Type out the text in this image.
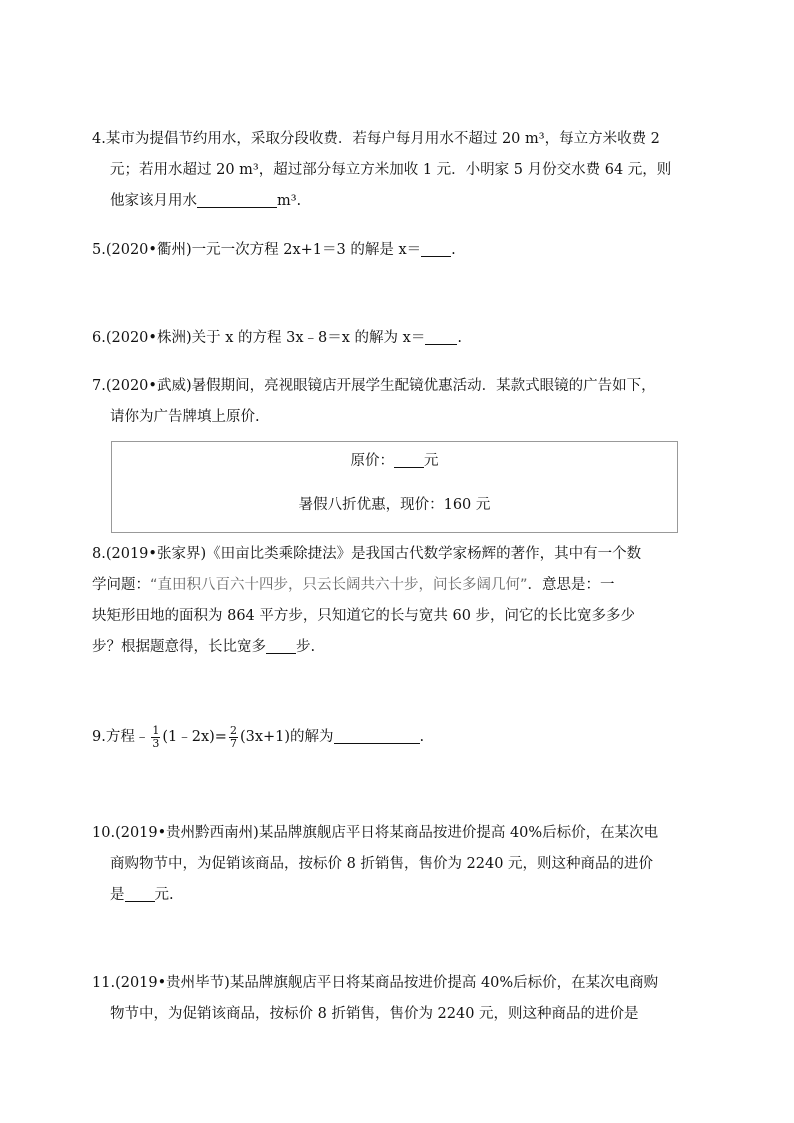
4.某市为提倡节约用水，采取分段收费．若每户每月用水不超过 20 m³，每立方米收费 2
元；若用水超过 20 m³，超过部分每立方米加收 1 元．小明家 5 月份交水费 64 元，则
他家该月用水	m³.
5.(2020•衢州)一元一次方程 2x+1＝3 的解是 x＝ .
6.(2020•株洲)关于 x 的方程 3x﹣8＝x 的解为 x＝ .
7.(2020•武威)暑假期间，亮视眼镜店开展学生配镜优惠活动．某款式眼镜的广告如下，
请你为广告牌填上原价.
原价： 元
暑假八折优惠，现价：160 元
8.(2019•张家界)《田亩比类乘除捷法》是我国古代数学家杨辉的著作，其中有一个数
学问题：“直田积八百六十四步，只云长阔共六十步，问长多阔几何”．意思是：一
块矩形田地的面积为 864 平方步，只知道它的长与宽共 60 步，问它的长比宽多多少
步？根据题意得，长比宽多 步.
9.方程﹣ $\frac{1}{3}$ (1﹣2x)= $\frac{2}{7} (3x+1)$的解为	.
10.(2019•贵州黔西南州)某品牌旗舰店平日将某商品按进价提高 40%后标价，在某次电
商购物节中，为促销该商品，按标价 8 折销售，售价为 2240 元，则这种商品的进价
是 元.
11.(2019•贵州毕节)某品牌旗舰店平日将某商品按进价提高 40%后标价，在某次电商购
物节中，为促销该商品，按标价 8 折销售，售价为 2240 元，则这种商品的进价是
